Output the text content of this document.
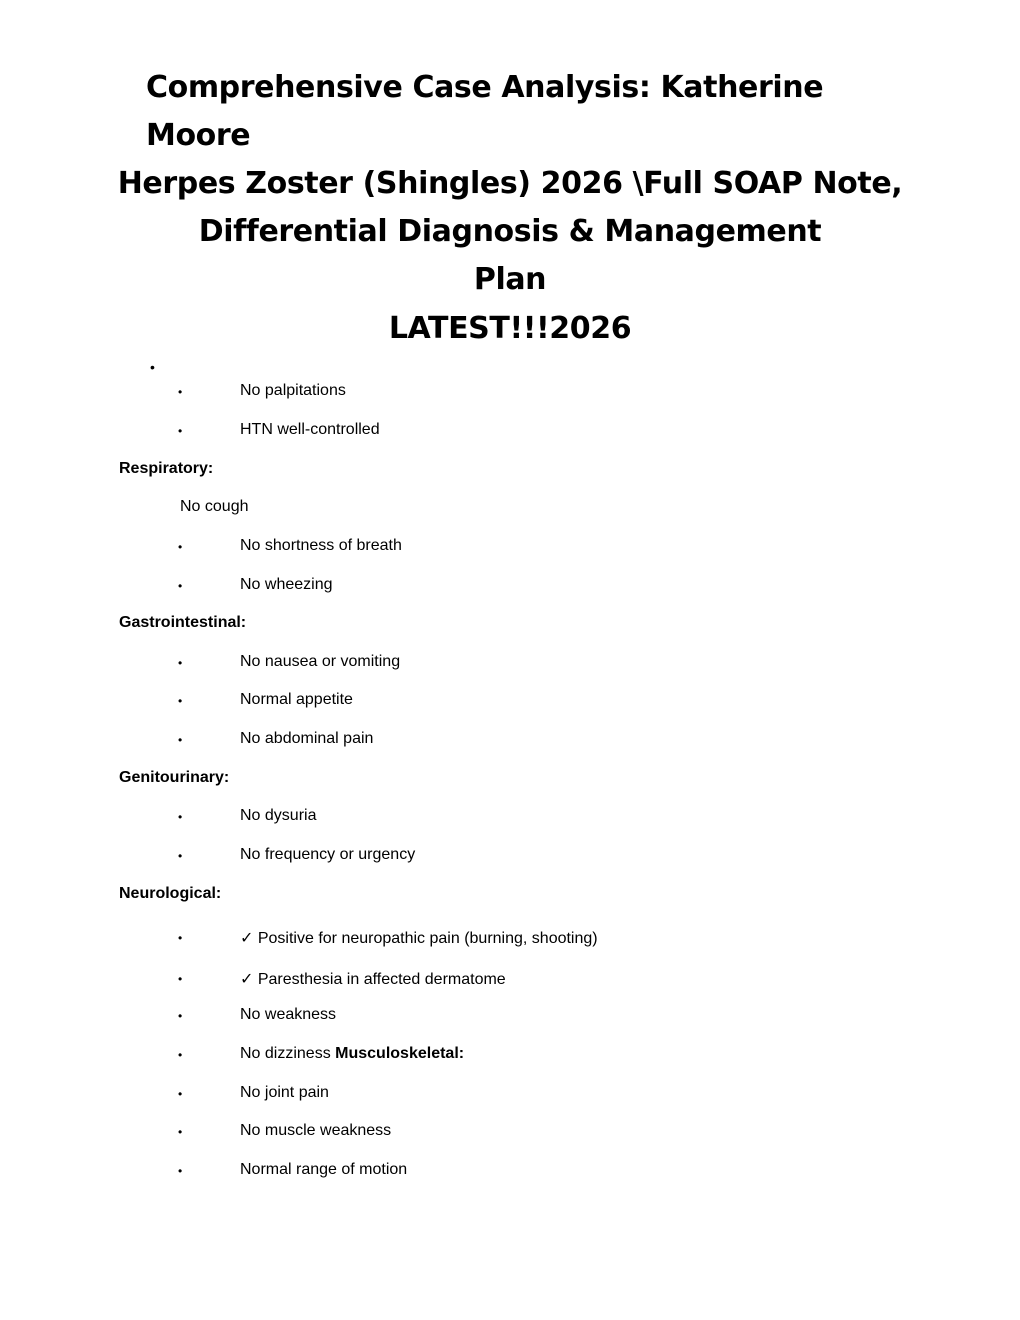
Comprehensive Case Analysis: Katherine
Moore
Herpes Zoster (Shingles) 2026 \Full SOAP Note,
Differential Diagnosis & Management
Plan
LATEST!!!2026
•
•	No palpitations
•	HTN well-controlled
Respiratory:
No cough
•	No shortness of breath
•	No wheezing
Gastrointestinal:
•	No nausea or vomiting
•	Normal appetite
•	No abdominal pain
Genitourinary:
•	No dysuria
•	No frequency or urgency
Neurological:
•	✓ Positive for neuropathic pain (burning, shooting)
•	✓ Paresthesia in affected dermatome
•	No weakness
•	No dizziness Musculoskeletal:
•	No joint pain
•	No muscle weakness
•	Normal range of motion
